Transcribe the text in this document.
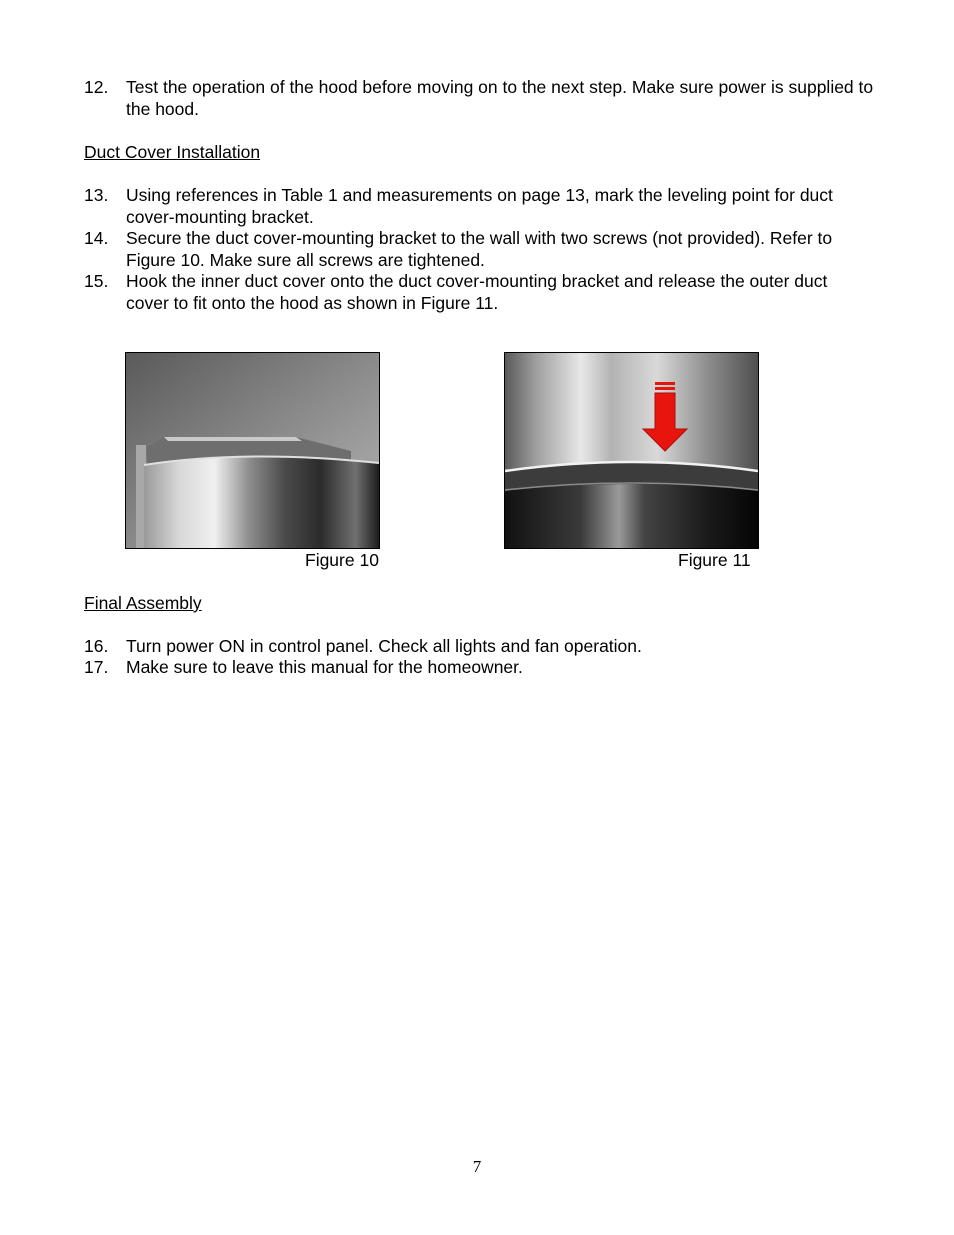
12. Test the operation of the hood before moving on to the next step. Make sure power is supplied to the hood.
Duct Cover Installation
13. Using references in Table 1 and measurements on page 13, mark the leveling point for duct cover-mounting bracket.
14. Secure the duct cover-mounting bracket to the wall with two screws (not provided). Refer to Figure 10. Make sure all screws are tightened.
15. Hook the inner duct cover onto the duct cover-mounting bracket and release the outer duct cover to fit onto the hood as shown in Figure 11.
Figure 10	Figure 11
Final Assembly
16. Turn power ON in control panel. Check all lights and fan operation.
17. Make sure to leave this manual for the homeowner.
7
